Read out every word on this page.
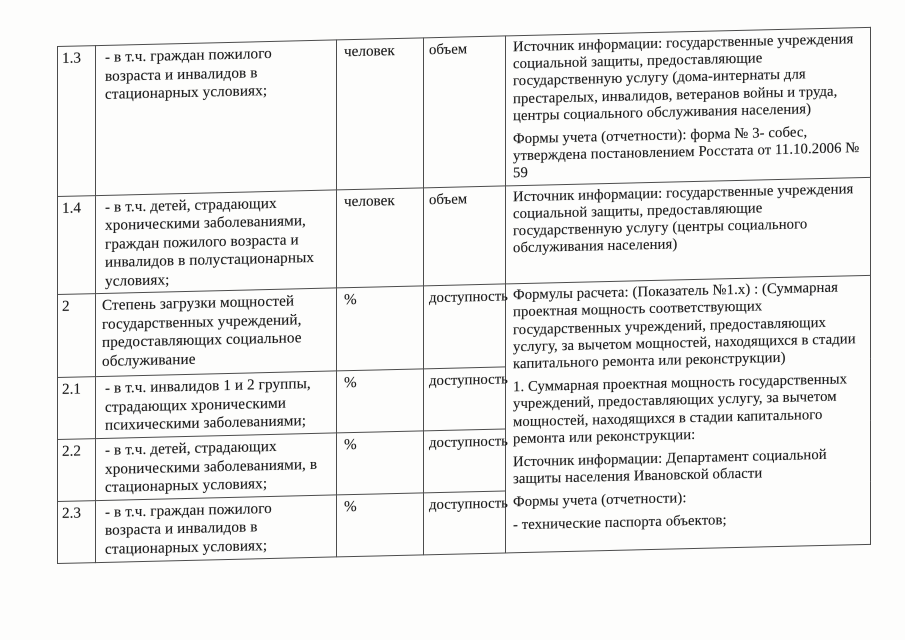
1.3	- в т.ч. граждан пожилого возраста и инвалидов в стационарных условиях;	человек	объем	Источник информации: государственные учреждения социальной защиты, предоставляющие государственную услугу (дома-интернаты для престарелых, инвалидов, ветеранов войны и труда, центры социального обслуживания населения)

Формы учета (отчетности): форма № 3- собес, утверждена постановлением Росстата от 11.10.2006 № 59

1.4	- в т.ч. детей, страдающих хроническими заболеваниями, граждан пожилого возраста и инвалидов в полустационарных условиях;	человек	объем	Источник информации: государственные учреждения социальной защиты, предоставляющие государственную услугу (центры социального обслуживания населения)

2	Степень загрузки мощностей государственных учреждений, предоставляющих социальное обслуживание	%	доступность	Формулы расчета: (Показатель №1.x) : (Суммарная проектная мощность соответствующих государственных учреждений, предоставляющих услугу, за вычетом мощностей, находящихся в стадии капитального ремонта или реконструкции)

1. Суммарная проектная мощность государственных учреждений, предоставляющих услугу, за вычетом мощностей, находящихся в стадии капитального ремонта или реконструкции:

Источник информации: Департамент социальной защиты населения Ивановской области

Формы учета (отчетности):

- технические паспорта объектов;

2.1	- в т.ч. инвалидов 1 и 2 группы, страдающих хроническими психическими заболеваниями;	%	доступность	
2.2	- в т.ч. детей, страдающих хроническими заболеваниями, в стационарных условиях;	%	доступность	
2.3	- в т.ч. граждан пожилого возраста и инвалидов в стационарных условиях;	%	доступность	
